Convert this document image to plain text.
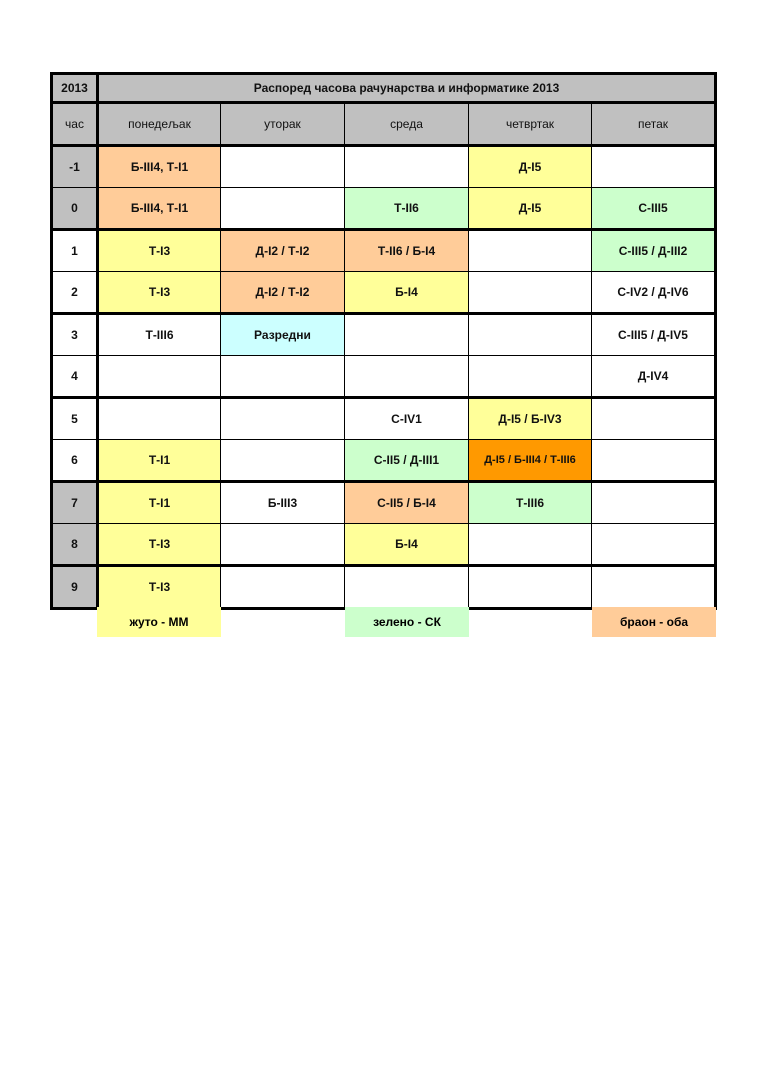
2013	Распоред часова рачунарства и информатике 2013				
час	понедељак	уторак	среда	четвртак	петак
-1	Б-III4, Т-I1			Д-I5	
0	Б-III4, Т-I1		Т-II6	Д-I5	С-III5
1	Т-I3	Д-I2 / Т-I2	Т-II6 / Б-I4		С-III5 / Д-III2
2	Т-I3	Д-I2 / Т-I2	Б-I4		С-IV2 / Д-IV6
3	Т-III6	Разредни			С-III5 / Д-IV5
4					Д-IV4
5			С-IV1	Д-I5 / Б-IV3	
6	Т-I1		С-II5 / Д-III1	Д-I5 / Б-III4 / Т-III6	
7	Т-I1	Б-III3	С-II5 / Б-I4	Т-III6	
8	Т-I3		Б-I4		
9	Т-I3				
жуто - ММ	зелено - СК	браон - оба
